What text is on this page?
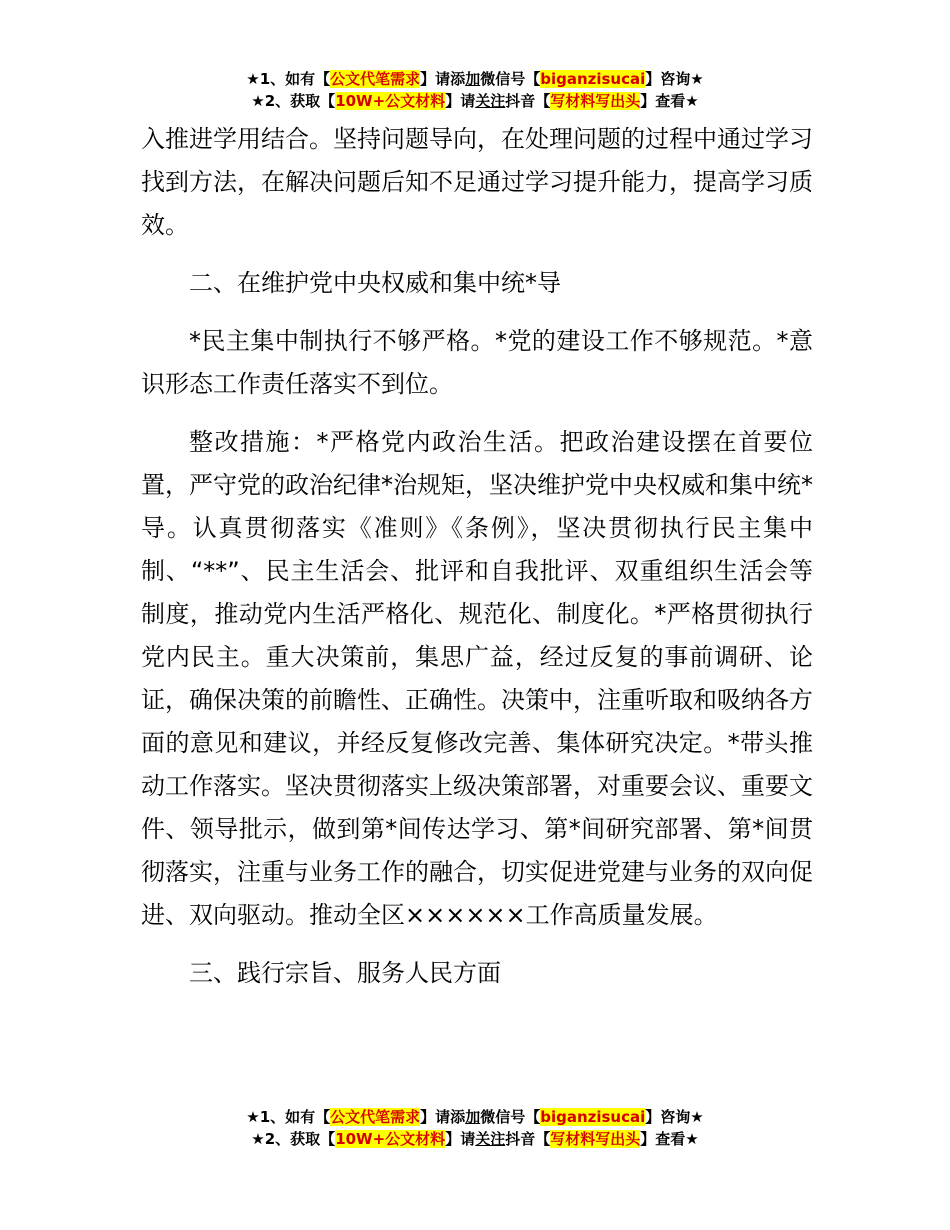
★1、如有【公文代笔需求】请添加微信号【biganzisucai】咨询★
★2、获取【10W+公文材料】请关注抖音【写材料写出头】查看★

入推进学用结合。坚持问题导向，在处理问题的过程中通过学习找到方法，在解决问题后知不足通过学习提升能力，提高学习质效。

二、在维护党中央权威和集中统*导

*民主集中制执行不够严格。*党的建设工作不够规范。*意识形态工作责任落实不到位。

整改措施：*严格党内政治生活。把政治建设摆在首要位置，严守党的政治纪律*治规矩，坚决维护党中央权威和集中统*导。认真贯彻落实《准则》《条例》，坚决贯彻执行民主集中制、“**”、民主生活会、批评和自我批评、双重组织生活会等制度，推动党内生活严格化、规范化、制度化。*严格贯彻执行党内民主。重大决策前，集思广益，经过反复的事前调研、论证，确保决策的前瞻性、正确性。决策中，注重听取和吸纳各方面的意见和建议，并经反复修改完善、集体研究决定。*带头推动工作落实。坚决贯彻落实上级决策部署，对重要会议、重要文件、领导批示，做到第*间传达学习、第*间研究部署、第*间贯彻落实，注重与业务工作的融合，切实促进党建与业务的双向促进、双向驱动。推动全区××××××工作高质量发展。

三、践行宗旨、服务人民方面

★1、如有【公文代笔需求】请添加微信号【biganzisucai】咨询★
★2、获取【10W+公文材料】请关注抖音【写材料写出头】查看★
